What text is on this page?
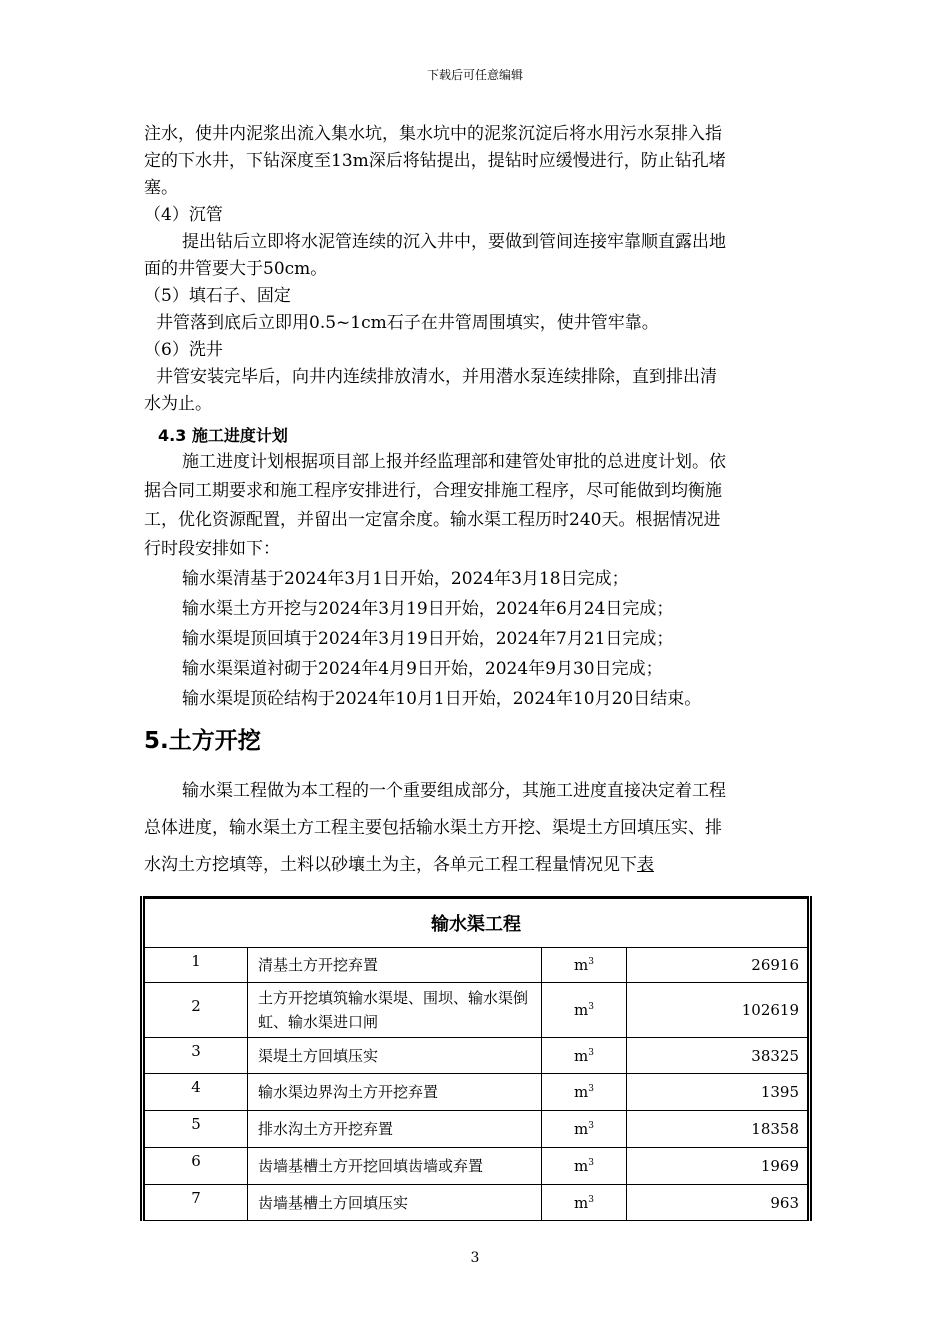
下载后可任意编辑

注水，使井内泥浆出流入集水坑，集水坑中的泥浆沉淀后将水用污水泵排入指

定的下水井，下钻深度至13m深后将钻提出，提钻时应缓慢进行，防止钻孔堵

塞。

（4）沉管

提出钻后立即将水泥管连续的沉入井中，要做到管间连接牢靠顺直露出地

面的井管要大于50cm。

（5）填石子、固定

井管落到底后立即用0.5~1cm石子在井管周围填实，使井管牢靠。

（6）洗井

井管安装完毕后，向井内连续排放清水，并用潜水泵连续排除，直到排出清

水为止。

4.3 施工进度计划

施工进度计划根据项目部上报并经监理部和建管处审批的总进度计划。依

据合同工期要求和施工程序安排进行，合理安排施工程序，尽可能做到均衡施

工，优化资源配置，并留出一定富余度。输水渠工程历时240天。根据情况进

行时段安排如下：

输水渠清基于2024年3月1日开始，2024年3月18日完成；

输水渠土方开挖与2024年3月19日开始，2024年6月24日完成；

输水渠堤顶回填于2024年3月19日开始，2024年7月21日完成；

输水渠渠道衬砌于2024年4月9日开始，2024年9月30日完成；

输水渠堤顶砼结构于2024年10月1日开始，2024年10月20日结束。

5.土方开挖

输水渠工程做为本工程的一个重要组成部分，其施工进度直接决定着工程

总体进度，输水渠土方工程主要包括输水渠土方开挖、渠堤土方回填压实、排

水沟土方挖填等，土料以砂壤土为主，各单元工程工程量情况见下表

输水渠工程			
1	清基土方开挖弃置	$m^3$	26916
2	土方开挖填筑输水渠堤、围坝、输水渠倒虹、输水渠进口闸	$m^3$	102619
3	渠堤土方回填压实	$m^3$	38325
4	输水渠边界沟土方开挖弃置	$m^3$	1395
5	排水沟土方开挖弃置	$m^3$	18358
6	齿墙基槽土方开挖回填齿墙或弃置	$m^3$	1969
7	齿墙基槽土方回填压实	$m^3$	963
3
